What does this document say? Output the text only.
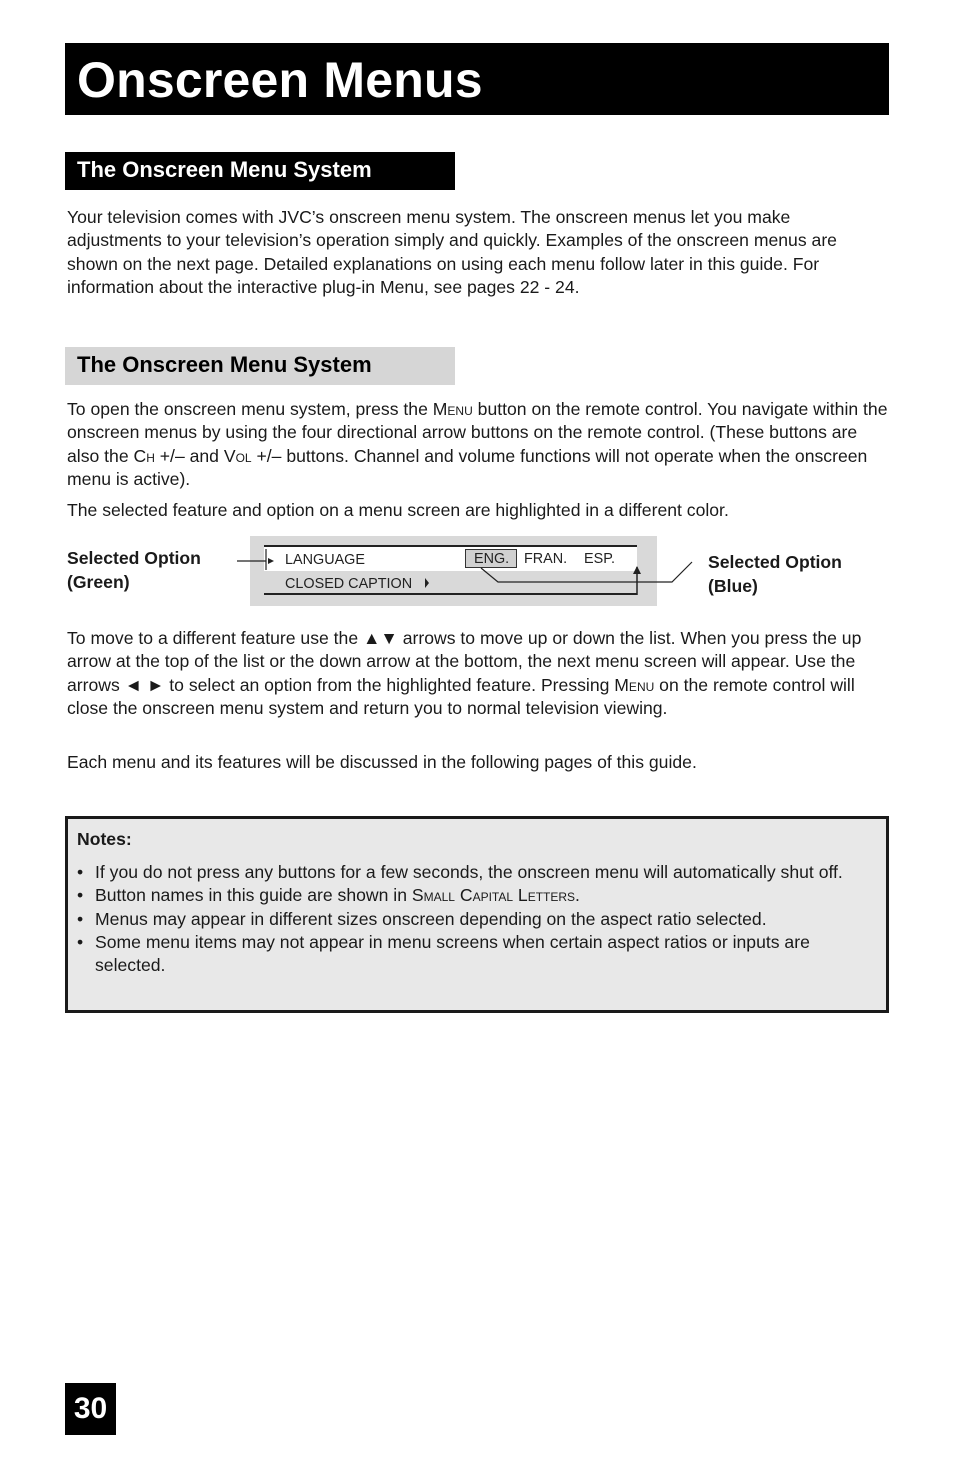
Onscreen Menus
The Onscreen Menu System

Your television comes with JVC’s onscreen menu system. The onscreen menus let you make adjustments to your television’s operation simply and quickly. Examples of the onscreen menus are shown on the next page. Detailed explanations on using each menu follow later in this guide. For information about the interactive plug-in Menu, see pages 22 - 24.

The Onscreen Menu System

To open the onscreen menu system, press the Menu button on the remote control. You navigate within the onscreen menus by using the four directional arrow buttons on the remote control. (These buttons are also the Ch +/– and Vol +/– buttons. Channel and volume functions will not operate when the onscreen menu is active).

The selected feature and option on a menu screen are highlighted in a different color.

Selected Option
(Green)
Selected Option
(Blue)
LANGUAGE	ENG. FRAN. ESP.
CLOSED CAPTION

To move to a different feature use the ▲▼ arrows to move up or down the list. When you press the up arrow at the top of the list or the down arrow at the bottom, the next menu screen will appear. Use the arrows ◄ ► to select an option from the highlighted feature. Pressing Menu on the remote control will close the onscreen menu system and return you to normal television viewing.

Each menu and its features will be discussed in the following pages of this guide.

Notes:
• If you do not press any buttons for a few seconds, the onscreen menu will automatically shut off.
• Button names in this guide are shown in Small Capital Letters.
• Menus may appear in different sizes onscreen depending on the aspect ratio selected.
• Some menu items may not appear in menu screens when certain aspect ratios or inputs are selected.
30
